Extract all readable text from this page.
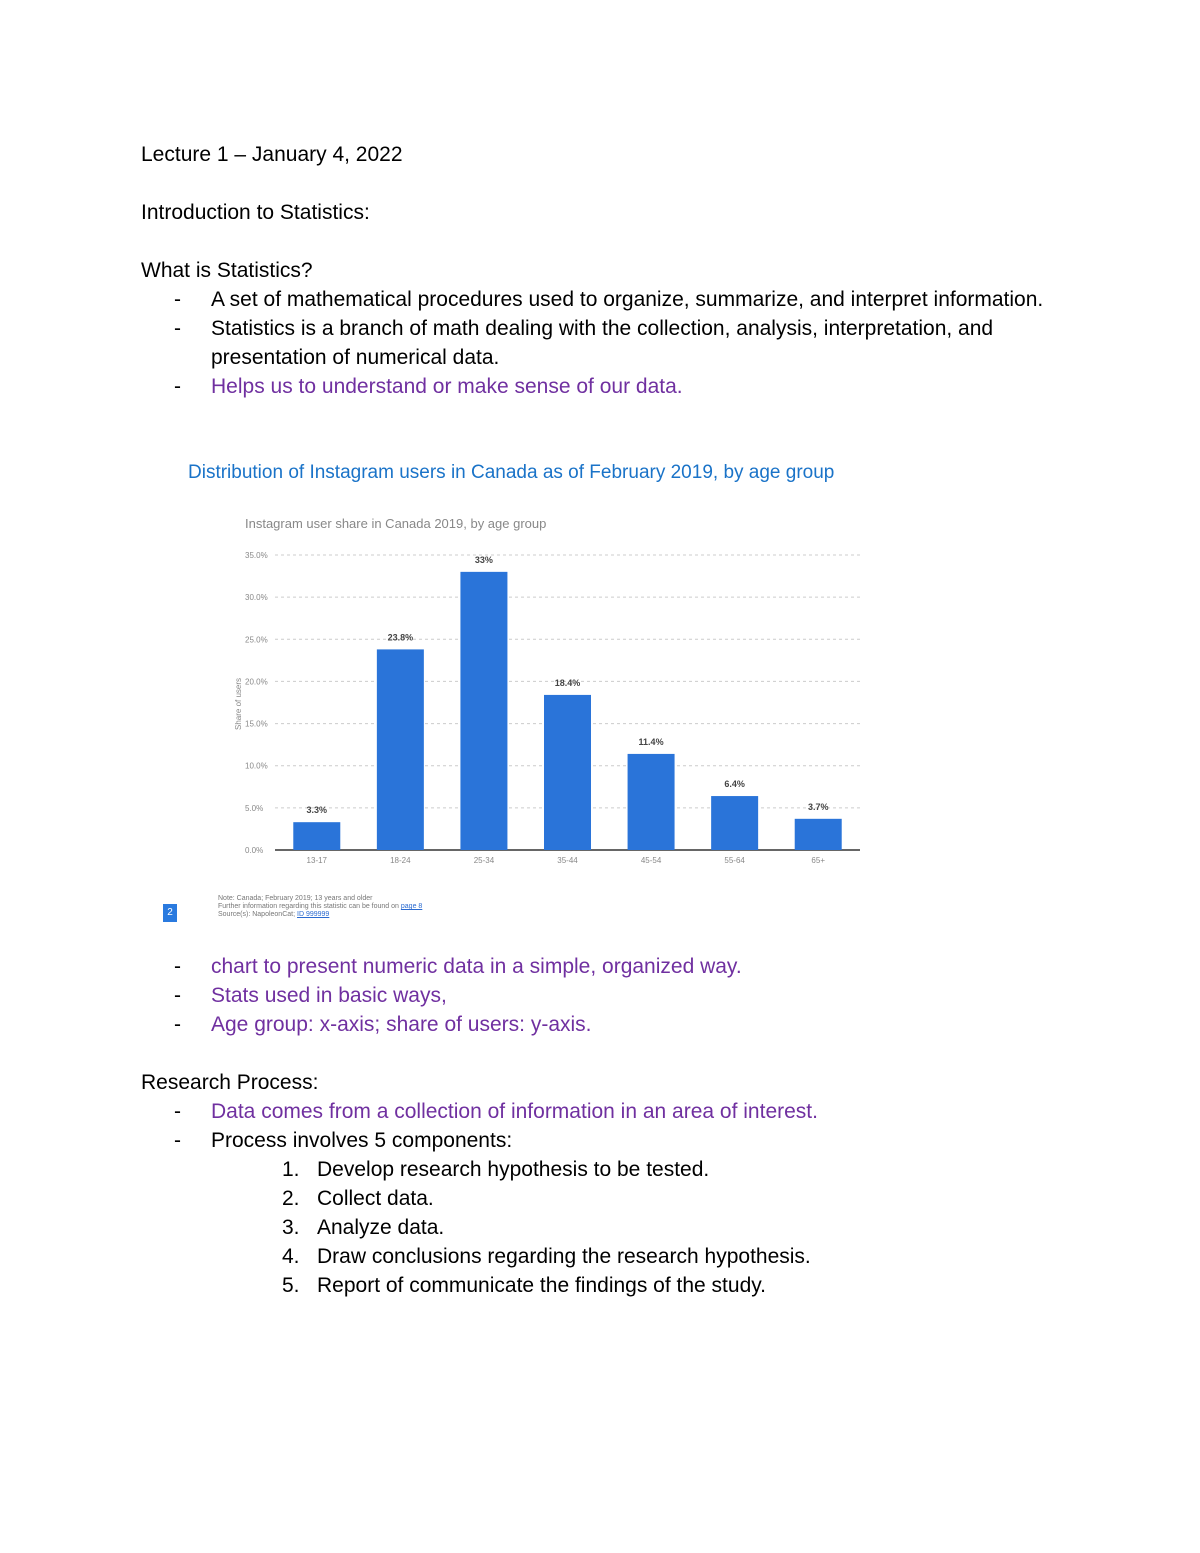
Lecture 1 – January 4, 2022

Introduction to Statistics:

What is Statistics?

- A set of mathematical procedures used to organize, summarize, and interpret information.
- Statistics is a branch of math dealing with the collection, analysis, interpretation, and presentation of numerical data.
- Helps us to understand or make sense of our data.
Distribution of Instagram users in Canada as of February 2019, by age group
Instagram user share in Canada 2019, by age group
0.0%
5.0%
10.0%
15.0%
20.0%
25.0%
30.0%
35.0%
Share of users
3.3%
13-17
23.8%
18-24
33%
25-34
18.4%
35-44
11.4%
45-54
6.4%
55-64
3.7%
65+
2
Note: Canada; February 2019; 13 years and older
Further information regarding this statistic can be found on page 8
Source(s): NapoleonCat; ID 999999
- chart to present numeric data in a simple, organized way.
- Stats used in basic ways,
- Age group: x-axis; share of users: y-axis.

Research Process:

- Data comes from a collection of information in an area of interest.
- Process involves 5 components:
1. Develop research hypothesis to be tested.
2. Collect data.
3. Analyze data.
4. Draw conclusions regarding the research hypothesis.
5. Report of communicate the findings of the study.
